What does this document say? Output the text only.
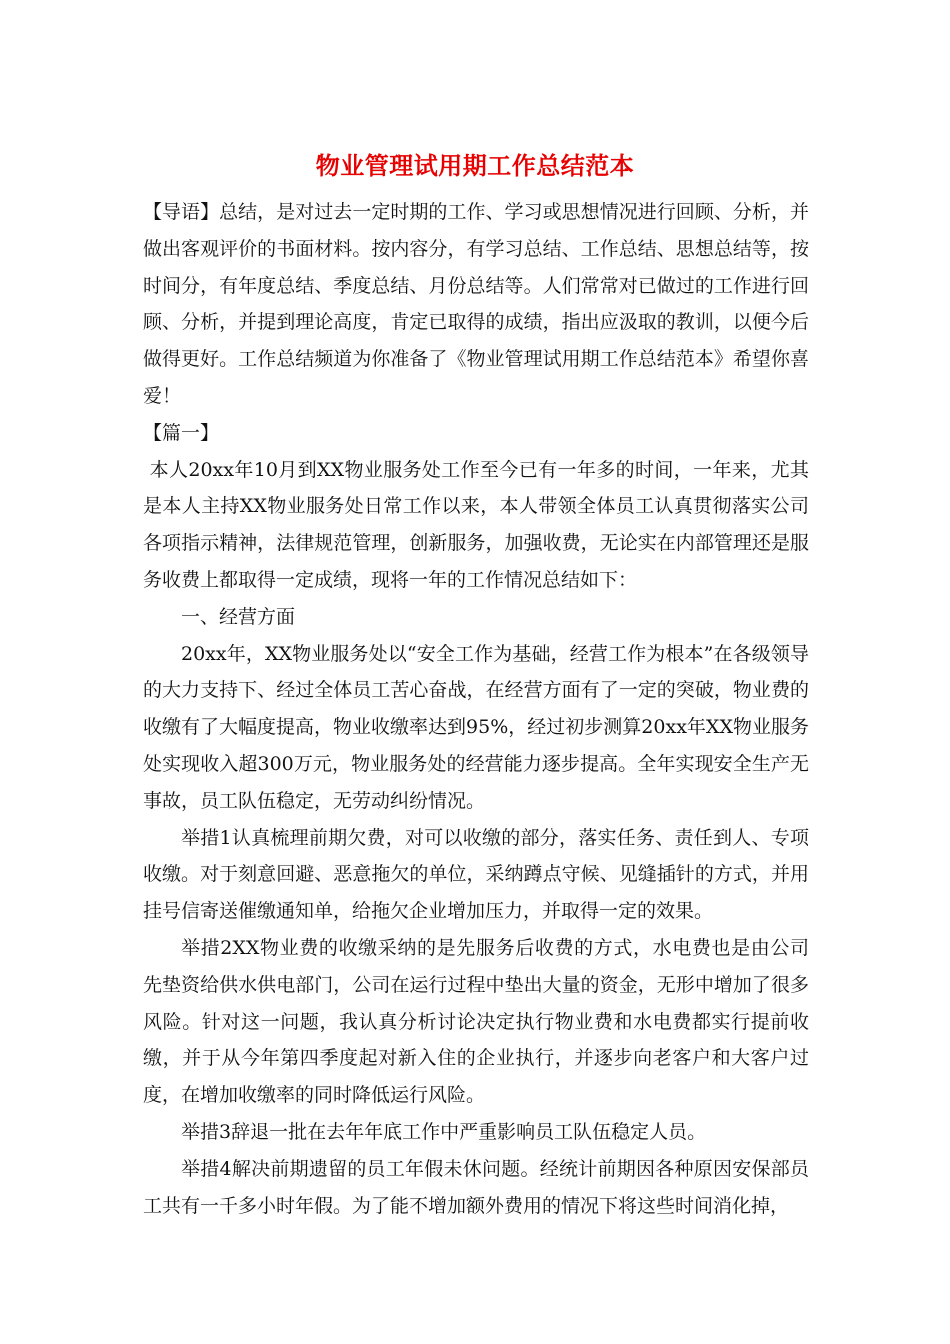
物业管理试用期工作总结范本

【导语】总结，是对过去一定时期的工作、学习或思想情况进行回顾、分析，并做出客观评价的书面材料。按内容分，有学习总结、工作总结、思想总结等，按时间分，有年度总结、季度总结、月份总结等。人们常常对已做过的工作进行回顾、分析，并提到理论高度，肯定已取得的成绩，指出应汲取的教训，以便今后做得更好。工作总结频道为你准备了《物业管理试用期工作总结范本》希望你喜爱！

【篇一】

本人20xx年10月到XX物业服务处工作至今已有一年多的时间，一年来，尤其是本人主持XX物业服务处日常工作以来，本人带领全体员工认真贯彻落实公司各项指示精神，法律规范管理，创新服务，加强收费，无论实在内部管理还是服务收费上都取得一定成绩，现将一年的工作情况总结如下：

一、经营方面

20xx年，XX物业服务处以“安全工作为基础，经营工作为根本”在各级领导的大力支持下、经过全体员工苦心奋战，在经营方面有了一定的突破，物业费的收缴有了大幅度提高，物业收缴率达到95%，经过初步测算20xx年XX物业服务处实现收入超300万元，物业服务处的经营能力逐步提高。全年实现安全生产无事故，员工队伍稳定，无劳动纠纷情况。

举措1认真梳理前期欠费，对可以收缴的部分，落实任务、责任到人、专项收缴。对于刻意回避、恶意拖欠的单位，采纳蹲点守候、见缝插针的方式，并用挂号信寄送催缴通知单，给拖欠企业增加压力，并取得一定的效果。

举措2XX物业费的收缴采纳的是先服务后收费的方式，水电费也是由公司先垫资给供水供电部门，公司在运行过程中垫出大量的资金，无形中增加了很多风险。针对这一问题，我认真分析讨论决定执行物业费和水电费都实行提前收缴，并于从今年第四季度起对新入住的企业执行，并逐步向老客户和大客户过度，在增加收缴率的同时降低运行风险。

举措3辞退一批在去年年底工作中严重影响员工队伍稳定人员。

举措4解决前期遗留的员工年假未休问题。经统计前期因各种原因安保部员工共有一千多小时年假。为了能不增加额外费用的情况下将这些时间消化掉，
